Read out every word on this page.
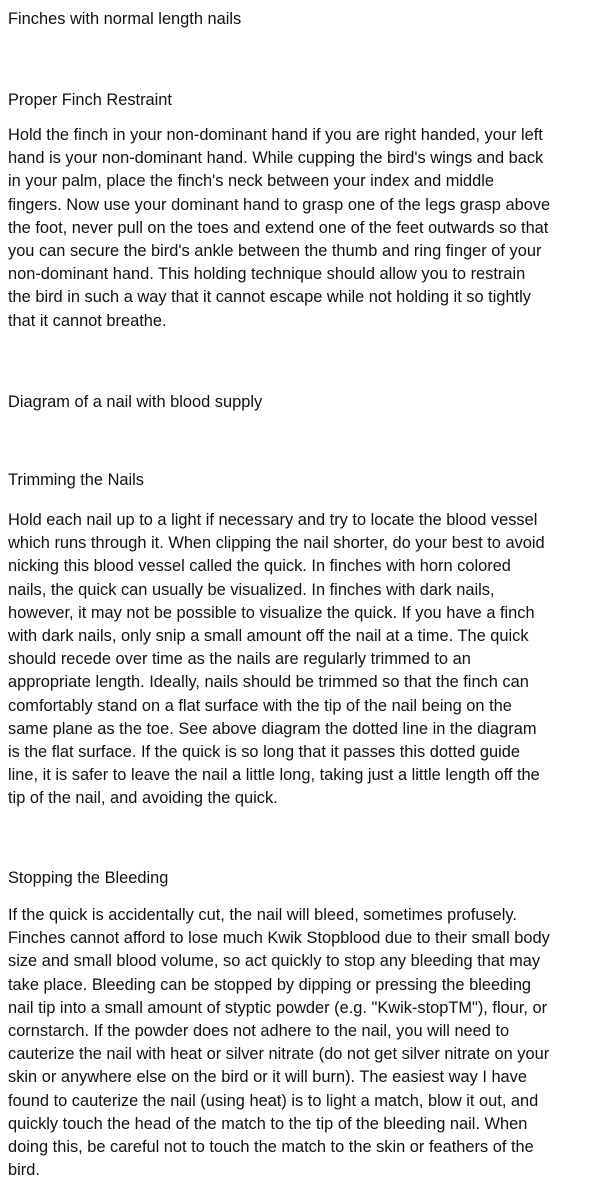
Finches with normal length nails
Proper Finch Restraint
Hold the finch in your non-dominant hand if you are right handed, your left
hand is your non-dominant hand. While cupping the bird's wings and back
in your palm, place the finch's neck between your index and middle
fingers. Now use your dominant hand to grasp one of the legs grasp above
the foot, never pull on the toes and extend one of the feet outwards so that
you can secure the bird's ankle between the thumb and ring finger of your
non-dominant hand. This holding technique should allow you to restrain
the bird in such a way that it cannot escape while not holding it so tightly
that it cannot breathe.
Diagram of a nail with blood supply
Trimming the Nails
Hold each nail up to a light if necessary and try to locate the blood vessel
which runs through it. When clipping the nail shorter, do your best to avoid
nicking this blood vessel called the quick. In finches with horn colored
nails, the quick can usually be visualized. In finches with dark nails,
however, it may not be possible to visualize the quick. If you have a finch
with dark nails, only snip a small amount off the nail at a time. The quick
should recede over time as the nails are regularly trimmed to an
appropriate length. Ideally, nails should be trimmed so that the finch can
comfortably stand on a flat surface with the tip of the nail being on the
same plane as the toe. See above diagram the dotted line in the diagram
is the flat surface. If the quick is so long that it passes this dotted guide
line, it is safer to leave the nail a little long, taking just a little length off the
tip of the nail, and avoiding the quick.
Stopping the Bleeding
If the quick is accidentally cut, the nail will bleed, sometimes profusely.
Finches cannot afford to lose much Kwik Stopblood due to their small body
size and small blood volume, so act quickly to stop any bleeding that may
take place. Bleeding can be stopped by dipping or pressing the bleeding
nail tip into a small amount of styptic powder (e.g. "Kwik-stopTM"), flour, or
cornstarch. If the powder does not adhere to the nail, you will need to
cauterize the nail with heat or silver nitrate (do not get silver nitrate on your
skin or anywhere else on the bird or it will burn). The easiest way I have
found to cauterize the nail (using heat) is to light a match, blow it out, and
quickly touch the head of the match to the tip of the bleeding nail. When
doing this, be careful not to touch the match to the skin or feathers of the
bird.
